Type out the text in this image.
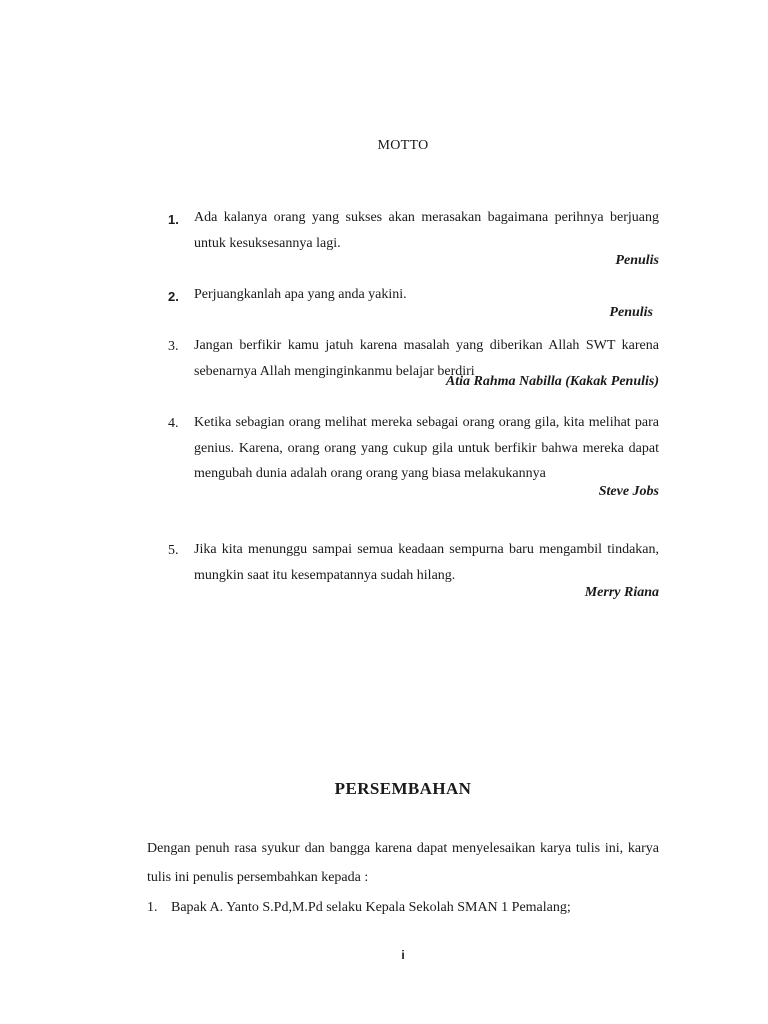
MOTTO
1.	Ada kalanya orang yang sukses akan merasakan bagaimana perihnya berjuang untuk kesuksesannya lagi.
Penulis
2.	Perjuangkanlah apa yang anda yakini.
Penulis
3.	Jangan berfikir kamu jatuh karena masalah yang diberikan Allah SWT karena sebenarnya Allah menginginkanmu belajar berdiri
Atia Rahma Nabilla (Kakak Penulis)
4.	Ketika sebagian orang melihat mereka sebagai orang orang gila, kita melihat para genius. Karena, orang orang yang cukup gila untuk berfikir bahwa mereka dapat mengubah dunia adalah orang orang yang biasa melakukannya
Steve Jobs
5.	Jika kita menunggu sampai semua keadaan sempurna baru mengambil tindakan, mungkin saat itu kesempatannya sudah hilang.
Merry Riana
PERSEMBAHAN
Dengan penuh rasa syukur dan bangga karena dapat menyelesaikan karya tulis ini, karya tulis ini penulis persembahkan kepada :
1. Bapak A. Yanto S.Pd,M.Pd selaku Kepala Sekolah SMAN 1 Pemalang;
i
